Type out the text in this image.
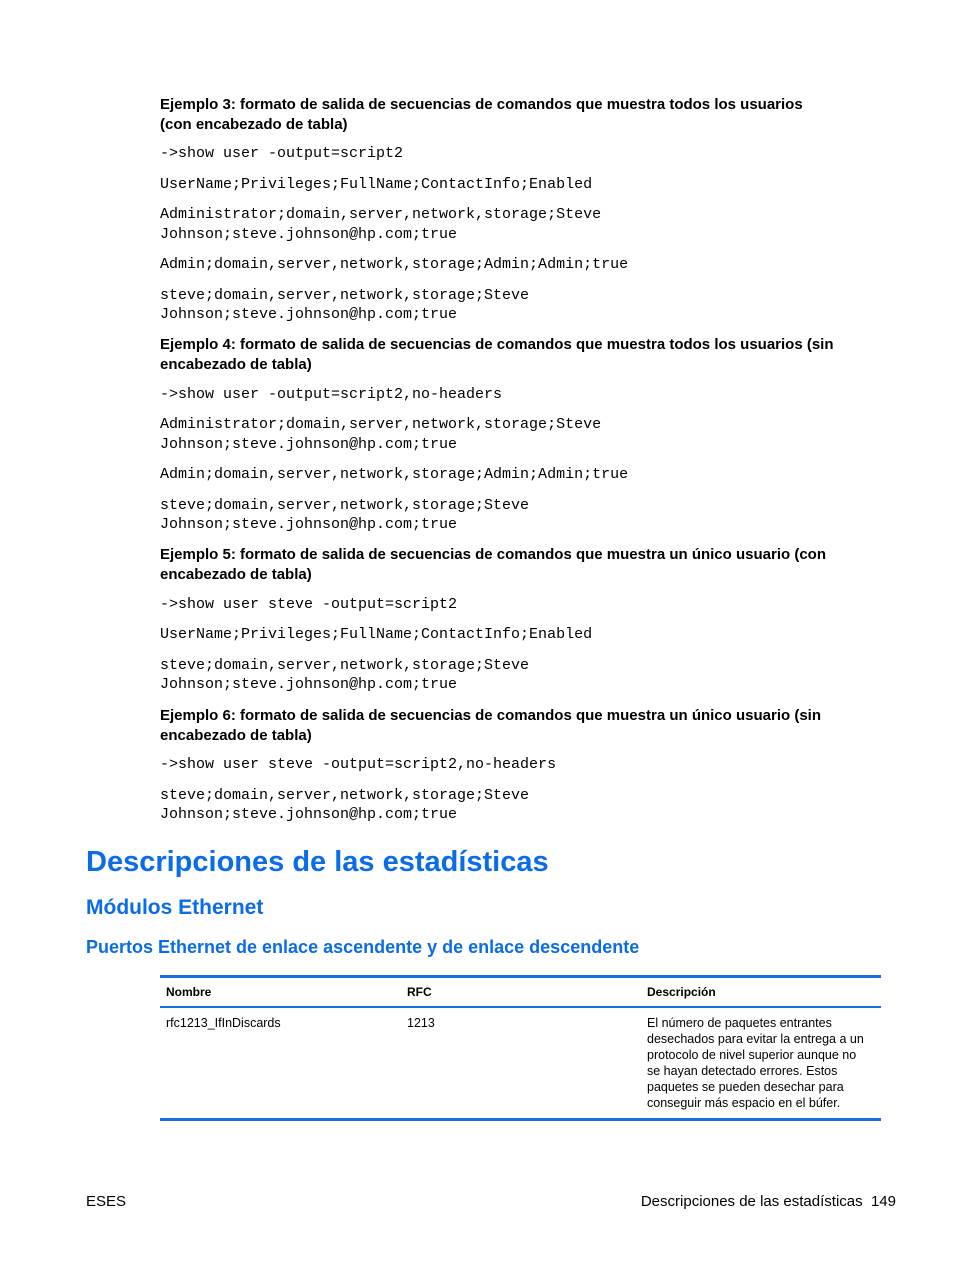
Ejemplo 3: formato de salida de secuencias de comandos que muestra todos los usuarios
(con encabezado de tabla)
->show user -output=script2
UserName;Privileges;FullName;ContactInfo;Enabled
Administrator;domain,server,network,storage;Steve
Johnson;steve.johnson@hp.com;true
Admin;domain,server,network,storage;Admin;Admin;true
steve;domain,server,network,storage;Steve
Johnson;steve.johnson@hp.com;true
Ejemplo 4: formato de salida de secuencias de comandos que muestra todos los usuarios (sin
encabezado de tabla)
->show user -output=script2,no-headers
Administrator;domain,server,network,storage;Steve
Johnson;steve.johnson@hp.com;true
Admin;domain,server,network,storage;Admin;Admin;true
steve;domain,server,network,storage;Steve
Johnson;steve.johnson@hp.com;true
Ejemplo 5: formato de salida de secuencias de comandos que muestra un único usuario (con
encabezado de tabla)
->show user steve -output=script2
UserName;Privileges;FullName;ContactInfo;Enabled
steve;domain,server,network,storage;Steve
Johnson;steve.johnson@hp.com;true
Ejemplo 6: formato de salida de secuencias de comandos que muestra un único usuario (sin
encabezado de tabla)
->show user steve -output=script2,no-headers
steve;domain,server,network,storage;Steve
Johnson;steve.johnson@hp.com;true
Descripciones de las estadísticas
Módulos Ethernet
Puertos Ethernet de enlace ascendente y de enlace descendente
Nombre	RFC	Descripción
rfc1213_IfInDiscards	1213	El número de paquetes entrantes
desechados para evitar la entrega a un
protocolo de nivel superior aunque no
se hayan detectado errores. Estos
paquetes se pueden desechar para
conseguir más espacio en el búfer.
ESES	Descripciones de las estadísticas 149
